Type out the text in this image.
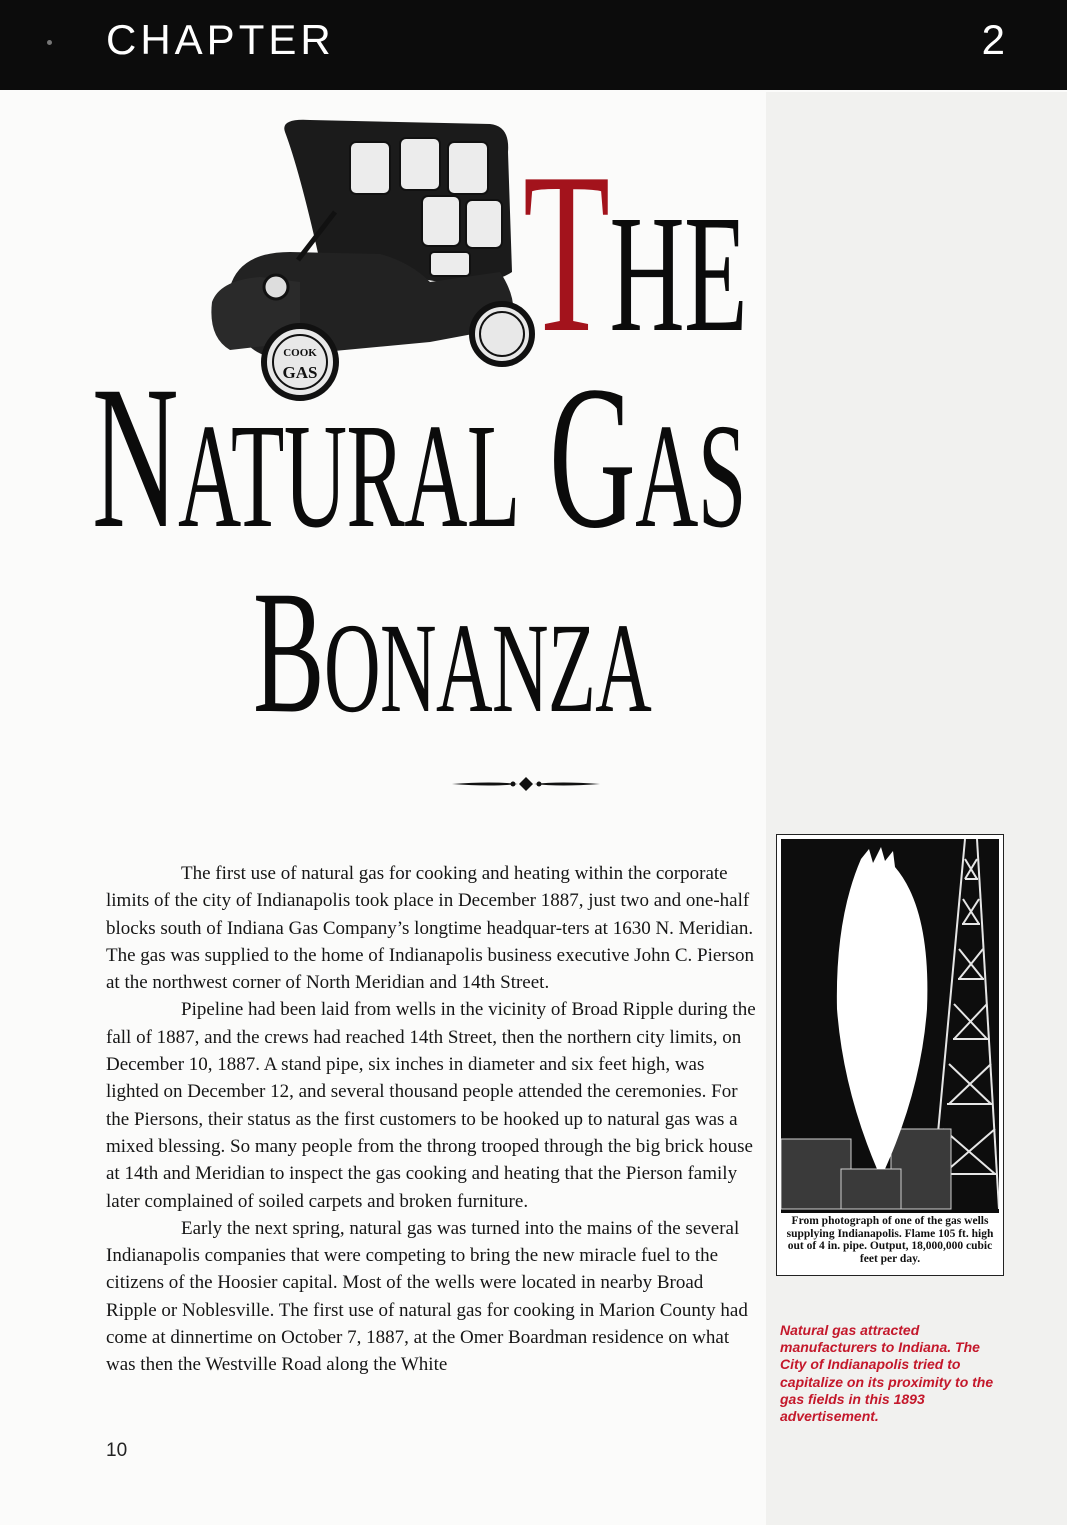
CHAPTER	2
COOK
GAS THE
NATURAL GAS
BONANZA

The first use of natural gas for cooking and heating within the corporate limits of the city of Indianapolis took place in December 1887, just two and one-half blocks south of Indiana Gas Company’s longtime headquar-ters at 1630 N. Meridian. The gas was supplied to the home of Indianapolis business executive John C. Pierson at the northwest corner of North Meridian and 14th Street.

Pipeline had been laid from wells in the vicinity of Broad Ripple during the fall of 1887, and the crews had reached 14th Street, then the northern city limits, on December 10, 1887. A stand pipe, six inches in diameter and six feet high, was lighted on December 12, and several thousand people attended the ceremonies. For the Piersons, their status as the first customers to be hooked up to natural gas was a mixed blessing. So many people from the throng trooped through the big brick house at 14th and Meridian to inspect the gas cooking and heating that the Pierson family later complained of soiled carpets and broken furniture.

Early the next spring, natural gas was turned into the mains of the several Indianapolis companies that were competing to bring the new miracle fuel to the citizens of the Hoosier capital. Most of the wells were located in nearby Broad Ripple or Noblesville. The first use of natural gas for cooking in Marion County had come at dinnertime on October 7, 1887, at the Omer Boardman residence on what was then the Westville Road along the White

From photograph of one of the gas wells supplying Indianapolis. Flame 105 ft. high out of 4 in. pipe. Output, 18,000,000 cubic feet per day.
Natural gas attracted manufacturers to Indiana. The City of Indianapolis tried to capitalize on its proximity to the gas fields in this 1893 advertisement.
10
